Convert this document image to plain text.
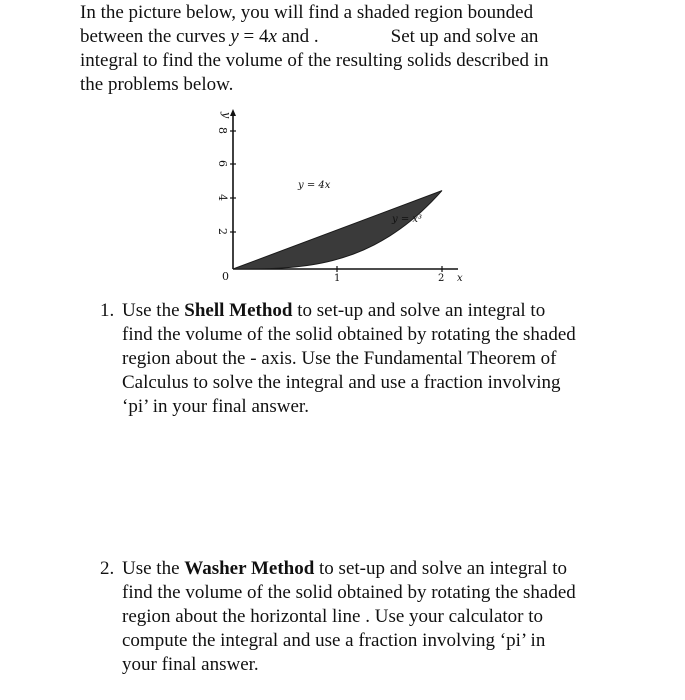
In the picture below, you will find a shaded region bounded
between the curves y = 4x and .	Set up and solve an
integral to find the volume of the resulting solids described in
the problems below.
y
8
6
4
2
0	1	2 x
y = 4x
y = x³
1. Use the Shell Method to set-up and solve an integral to
find the volume of the solid obtained by rotating the shaded
region about the - axis. Use the Fundamental Theorem of
Calculus to solve the integral and use a fraction involving
‘pi’ in your final answer.
2. Use the Washer Method to set-up and solve an integral to
find the volume of the solid obtained by rotating the shaded
region about the horizontal line . Use your calculator to
compute the integral and use a fraction involving ‘pi’ in
your final answer.
